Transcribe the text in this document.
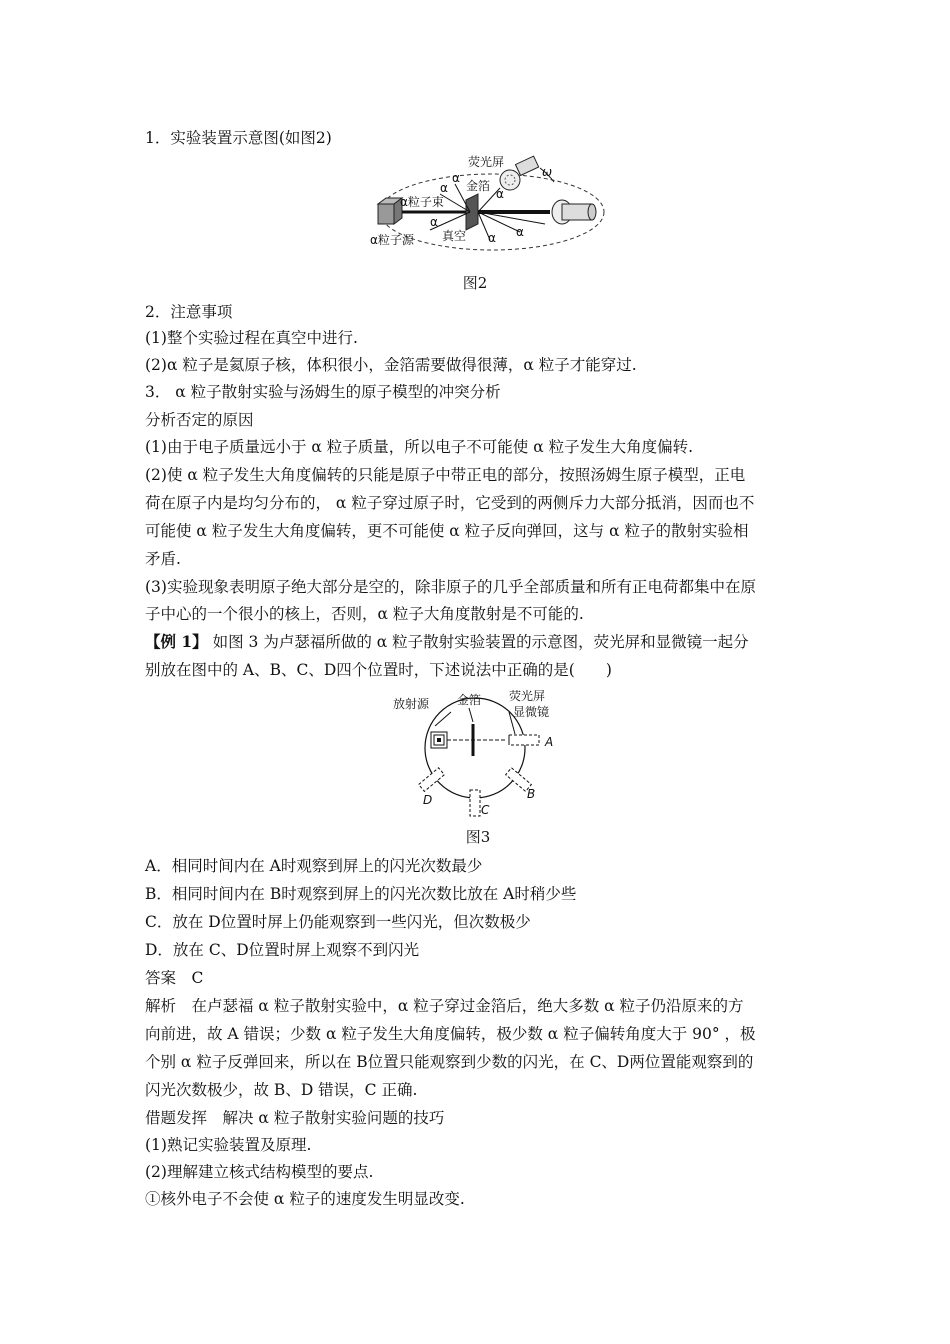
1．实验装置示意图(如图2)
荧光屏
金箔
α粒子束
α粒子源 真空
ω
α
α
α
α α
α
图2
2．注意事项
(1)整个实验过程在真空中进行.
(2)α 粒子是氦原子核，体积很小，金箔需要做得很薄，α 粒子才能穿过.
3． α 粒子散射实验与汤姆生的原子模型的冲突分析
分析否定的原因
(1)由于电子质量远小于 α 粒子质量，所以电子不可能使 α 粒子发生大角度偏转.
(2)使 α 粒子发生大角度偏转的只能是原子中带正电的部分，按照汤姆生原子模型，正电
荷在原子内是均匀分布的， α 粒子穿过原子时，它受到的两侧斥力大部分抵消，因而也不
可能使 α 粒子发生大角度偏转，更不可能使 α 粒子反向弹回，这与 α 粒子的散射实验相
矛盾.
(3)实验现象表明原子绝大部分是空的，除非原子的几乎全部质量和所有正电荷都集中在原
子中心的一个很小的核上，否则，α 粒子大角度散射是不可能的.
【例 1】 如图 3 为卢瑟福所做的 α 粒子散射实验装置的示意图，荧光屏和显微镜一起分
别放在图中的 A、B、C、D四个位置时，下述说法中正确的是(　　)
放射源 金箔 荧光屏
显微镜
A
B
C
D
图3
A．相同时间内在 A时观察到屏上的闪光次数最少
B．相同时间内在 B时观察到屏上的闪光次数比放在 A时稍少些
C．放在 D位置时屏上仍能观察到一些闪光，但次数极少
D．放在 C、D位置时屏上观察不到闪光
答案　C
解析　在卢瑟福 α 粒子散射实验中，α 粒子穿过金箔后，绝大多数 α 粒子仍沿原来的方
向前进，故 A 错误；少数 α 粒子发生大角度偏转，极少数 α 粒子偏转角度大于 90° ，极
个别 α 粒子反弹回来，所以在 B位置只能观察到少数的闪光，在 C、D两位置能观察到的
闪光次数极少，故 B、D 错误，C 正确.
借题发挥　解决 α 粒子散射实验问题的技巧
(1)熟记实验装置及原理.
(2)理解建立核式结构模型的要点.
①核外电子不会使 α 粒子的速度发生明显改变.
